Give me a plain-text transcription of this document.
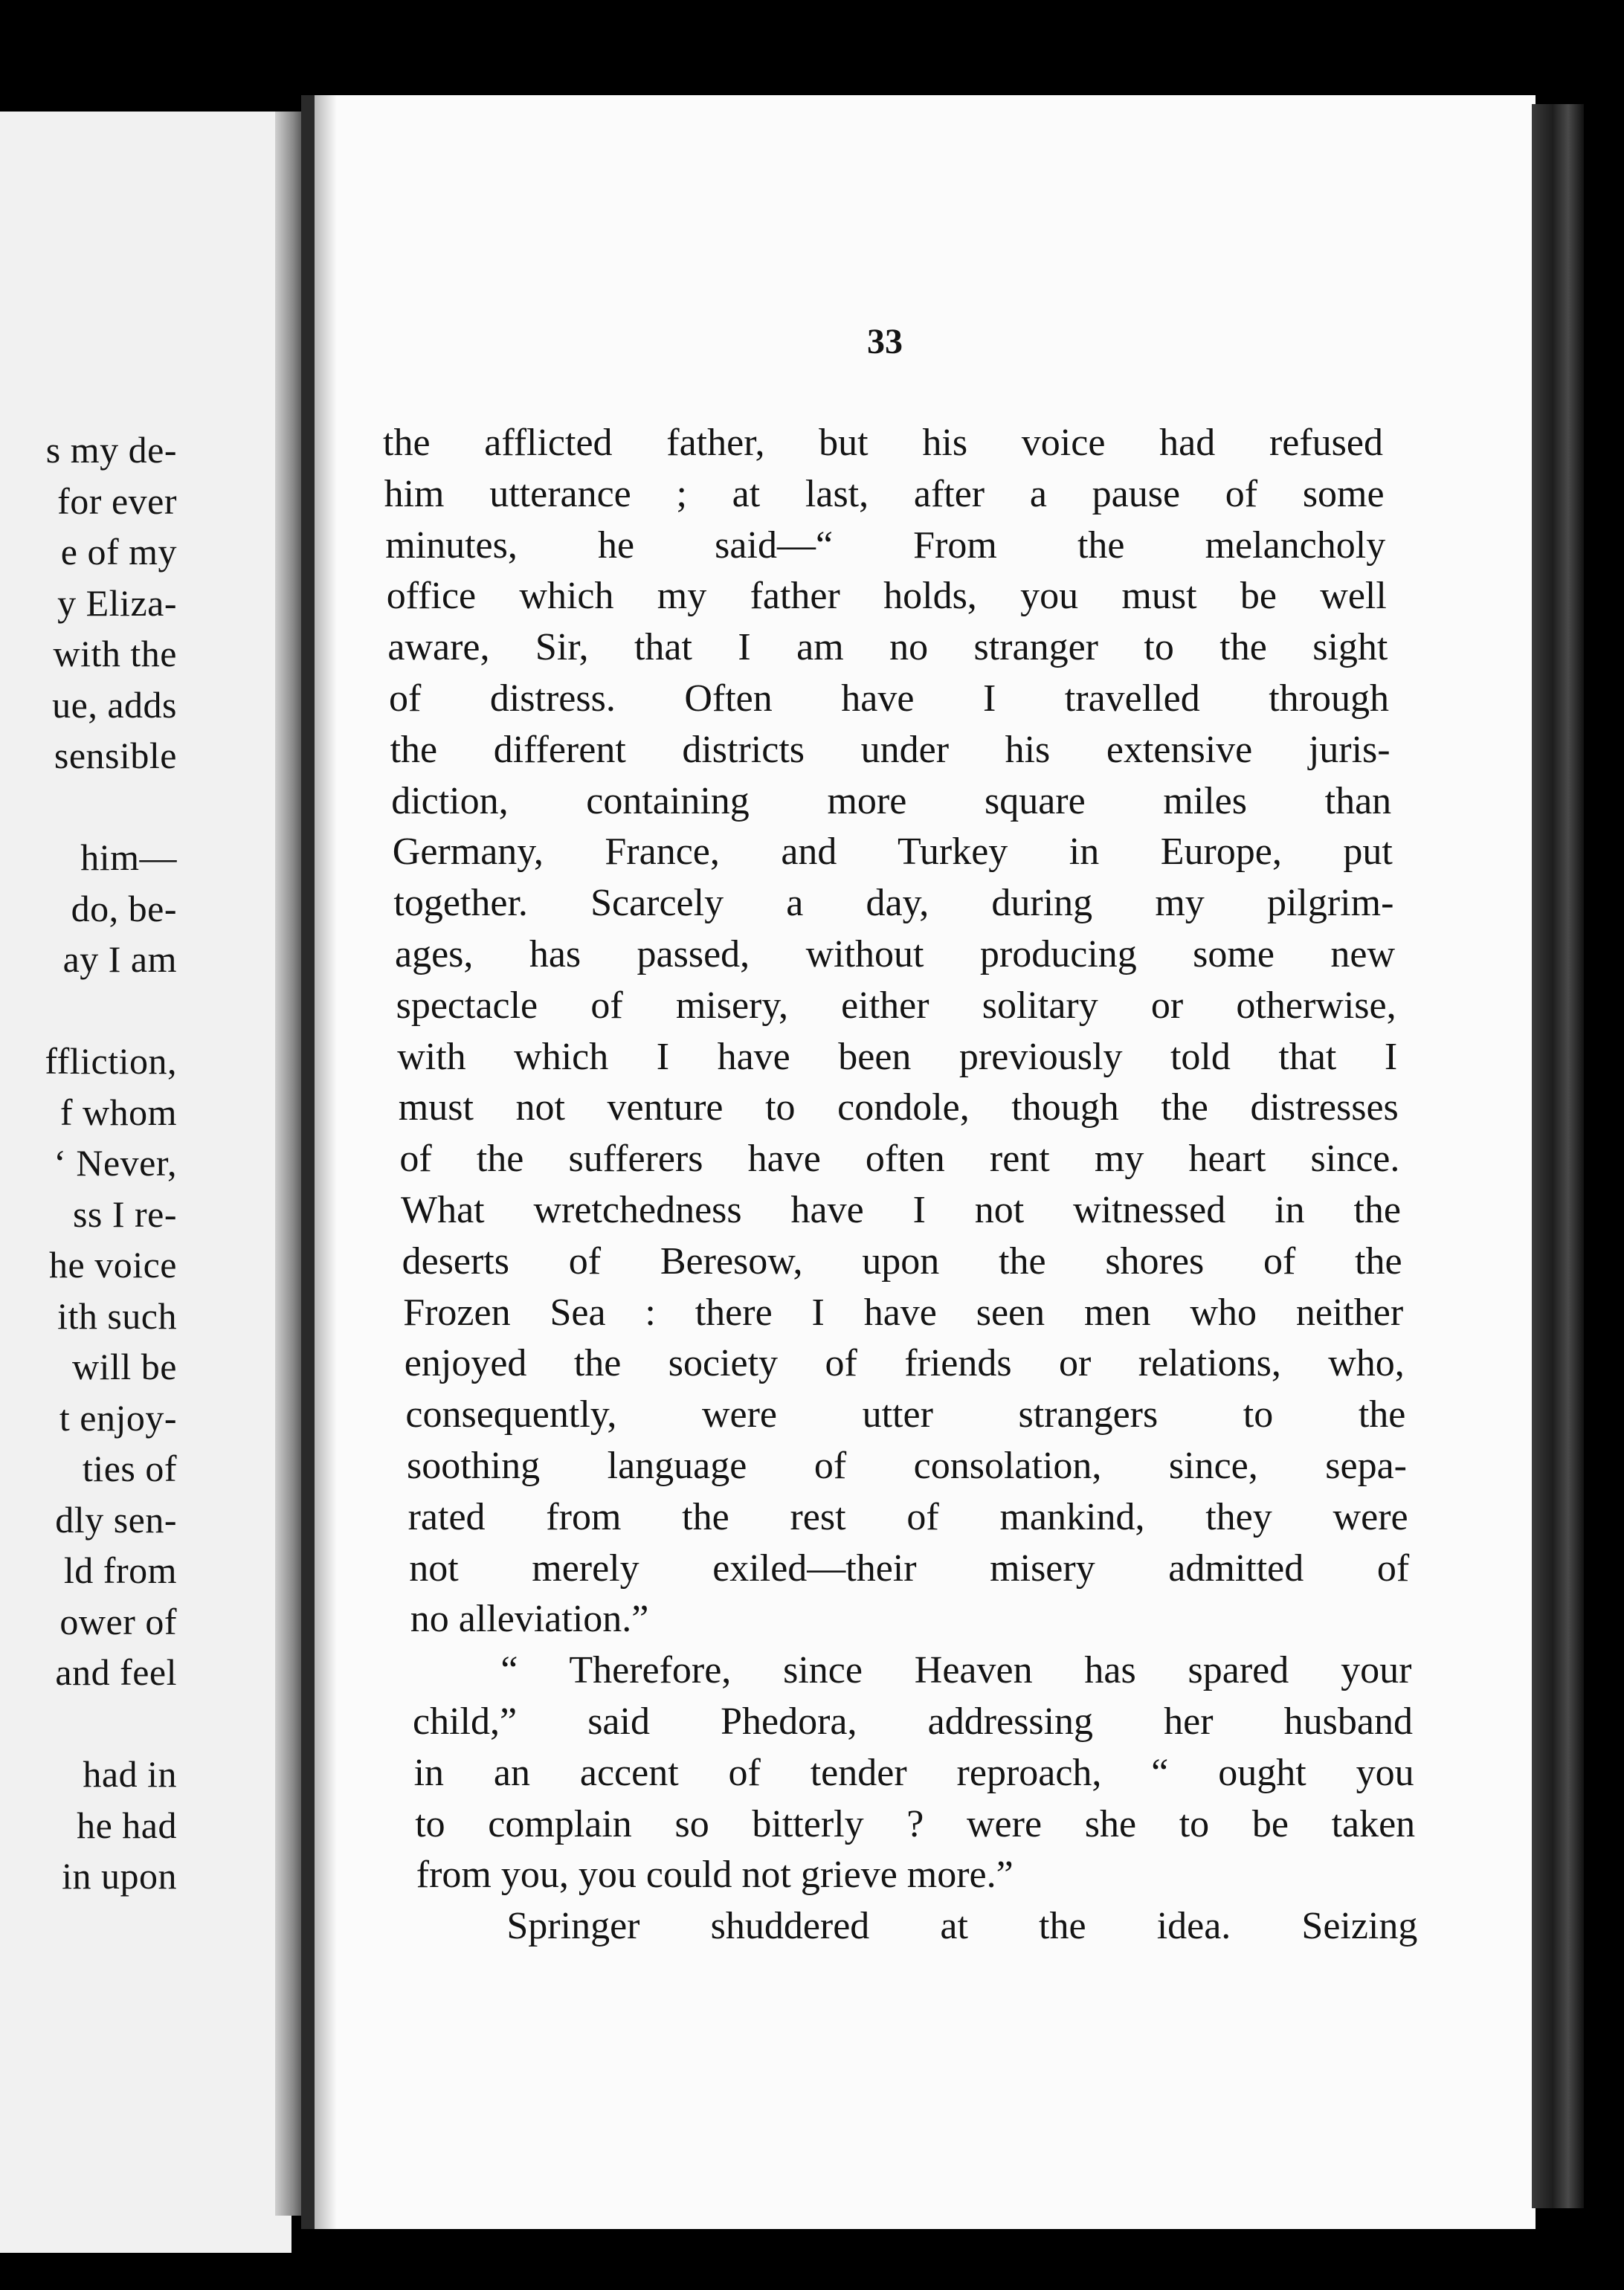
33
s my de-
for ever
e of my
y Eliza-
with the
ue, adds
sensible
him—
do, be-
ay I am
ffliction,
f whom
‘ Never,
ss I re-
he voice
ith such
will be
t enjoy-
ties of
dly sen-
ld from
ower of
and feel
had in
he had
in upon
the afflicted father, but his voice had refused
him utterance ; at last, after a pause of some
minutes, he said—“ From the melancholy
office which my father holds, you must be well
aware, Sir, that I am no stranger to the sight
of distress. Often have I travelled through
the different districts under his extensive juris-
diction, containing more square miles than
Germany, France, and Turkey in Europe, put
together. Scarcely a day, during my pilgrim-
ages, has passed, without producing some new
spectacle of misery, either solitary or otherwise,
with which I have been previously told that I
must not venture to condole, though the distresses
of the sufferers have often rent my heart since.
What wretchedness have I not witnessed in the
deserts of Beresow, upon the shores of the
Frozen Sea : there I have seen men who neither
enjoyed the society of friends or relations, who,
consequently, were utter strangers to the
soothing language of consolation, since, sepa-
rated from the rest of mankind, they were
not merely exiled—their misery admitted of
no alleviation.”
“ Therefore, since Heaven has spared your
child,” said Phedora, addressing her husband
in an accent of tender reproach, “ ought you
to complain so bitterly ? were she to be taken
from you, you could not grieve more.”
Springer shuddered at the idea. Seizing
